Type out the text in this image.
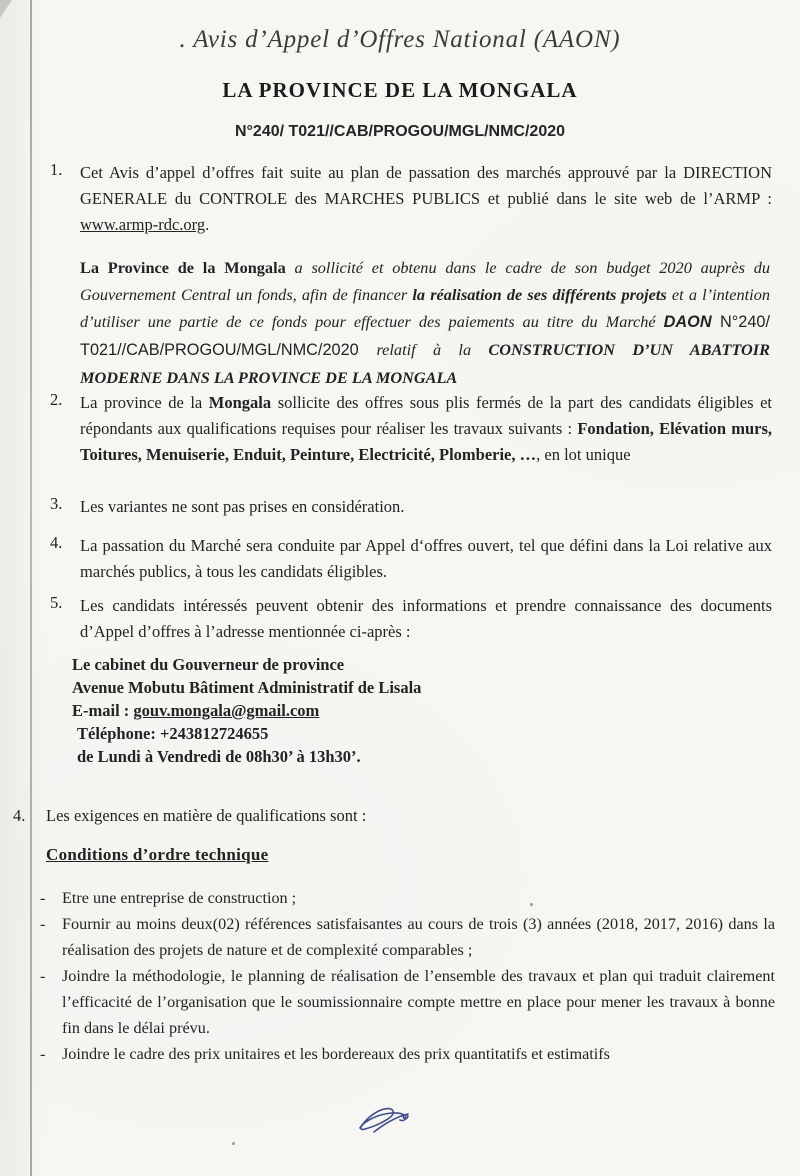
. Avis d’Appel d’Offres National (AAON)
LA PROVINCE DE LA MONGALA
N°240/ T021//CAB/PROGOU/MGL/NMC/2020
1. Cet Avis d’appel d’offres fait suite au plan de passation des marchés approuvé par la DIRECTION GENERALE du CONTROLE des MARCHES PUBLICS et publié dans le site web de l’ARMP : www.armp-rdc.org.

La Province de la Mongala a sollicité et obtenu dans le cadre de son budget 2020 auprès du Gouvernement Central un fonds, afin de financer la réalisation de ses différents projets et a l’intention d’utiliser une partie de ce fonds pour effectuer des paiements au titre du Marché DAON N°240/ T021//CAB/PROGOU/MGL/NMC/2020 relatif à la CONSTRUCTION D’UN ABATTOIR MODERNE DANS LA PROVINCE DE LA MONGALA
2. La province de la Mongala sollicite des offres sous plis fermés de la part des candidats éligibles et répondants aux qualifications requises pour réaliser les travaux suivants : Fondation, Elévation murs, Toitures, Menuiserie, Enduit, Peinture, Electricité, Plomberie, …, en lot unique

3. Les variantes ne sont pas prises en considération.

4. La passation du Marché sera conduite par Appel d‘offres ouvert, tel que défini dans la Loi relative aux marchés publics, à tous les candidats éligibles.

5. Les candidats intéressés peuvent obtenir des informations et prendre connaissance des documents d’Appel d’offres à l’adresse mentionnée ci-après :

Le cabinet du Gouverneur de province

Avenue Mobutu Bâtiment Administratif de Lisala

E-mail : gouv.mongala@gmail.com

Téléphone: +243812724655

de Lundi à Vendredi de 08h30’ à 13h30’.

4. Les exigences en matière de qualifications sont :

Conditions d’ordre technique
- Etre une entreprise de construction ;

- Fournir au moins deux(02) références satisfaisantes au cours de trois (3) années (2018, 2017, 2016) dans la réalisation des projets de nature et de complexité comparables ;

- Joindre la méthodologie, le planning de réalisation de l’ensemble des travaux et plan qui traduit clairement l’efficacité de l’organisation que le soumissionnaire compte mettre en place pour mener les travaux à bonne fin dans le délai prévu.

- Joindre le cadre des prix unitaires et les bordereaux des prix quantitatifs et estimatifs
